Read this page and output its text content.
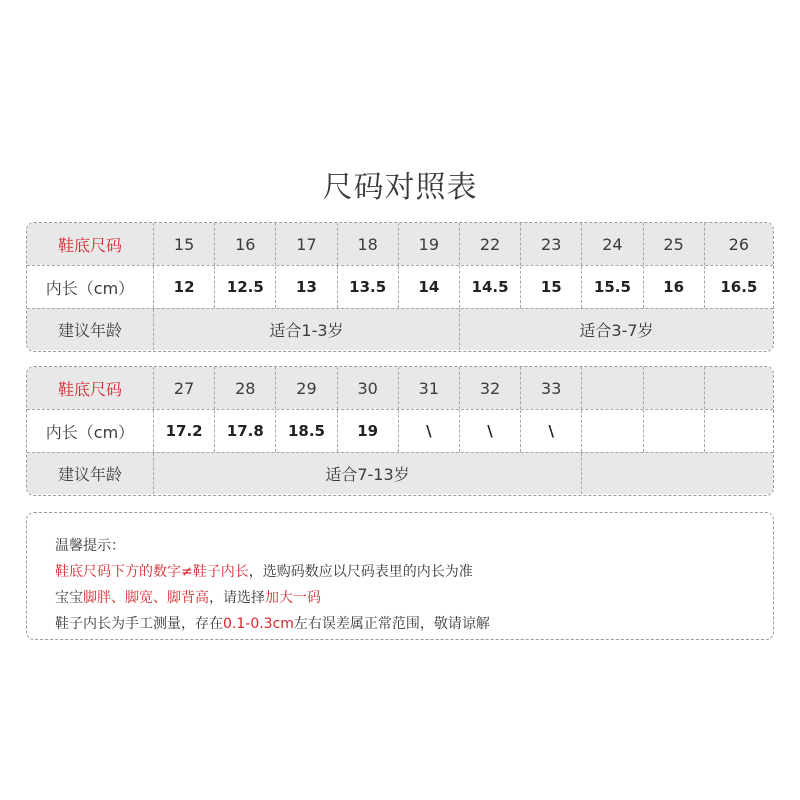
尺码对照表
鞋底尺码	15	16	17	18	19	22	23	24	25	26
内长（cm）	12	12.5	13	13.5	14	14.5	15	15.5	16	16.5
建议年龄	适合1-3岁	适合3-7岁
鞋底尺码	27	28	29	30	31	32	33
内长（cm）	17.2	17.8	18.5	19	\	\	\
建议年龄	适合7-13岁
温馨提示：
鞋底尺码下方的数字≠鞋子内长，选购码数应以尺码表里的内长为准
宝宝脚胖、脚宽、脚背高，请选择加大一码
鞋子内长为手工测量，存在0.1-0.3cm左右误差属正常范围，敬请谅解
